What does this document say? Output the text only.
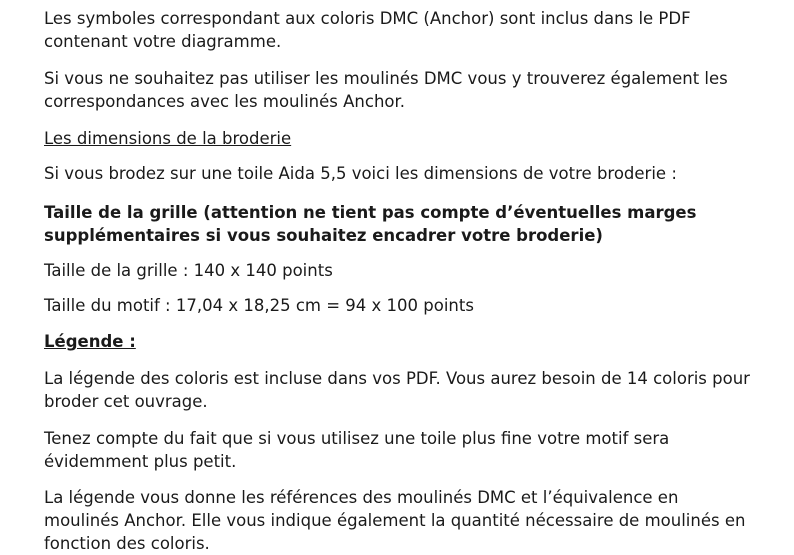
Les symboles correspondant aux coloris DMC (Anchor) sont inclus dans le PDF
contenant votre diagramme.

Si vous ne souhaitez pas utiliser les moulinés DMC vous y trouverez également les
correspondances avec les moulinés Anchor.

Les dimensions de la broderie

Si vous brodez sur une toile Aida 5,5 voici les dimensions de votre broderie :

Taille de la grille (attention ne tient pas compte d’éventuelles marges
supplémentaires si vous souhaitez encadrer votre broderie)

Taille de la grille : 140 x 140 points

Taille du motif : 17,04 x 18,25 cm = 94 x 100 points

Légende :

La légende des coloris est incluse dans vos PDF. Vous aurez besoin de 14 coloris pour
broder cet ouvrage.

Tenez compte du fait que si vous utilisez une toile plus fine votre motif sera
évidemment plus petit.

La légende vous donne les références des moulinés DMC et l’équivalence en
moulinés Anchor. Elle vous indique également la quantité nécessaire de moulinés en
fonction des coloris.
